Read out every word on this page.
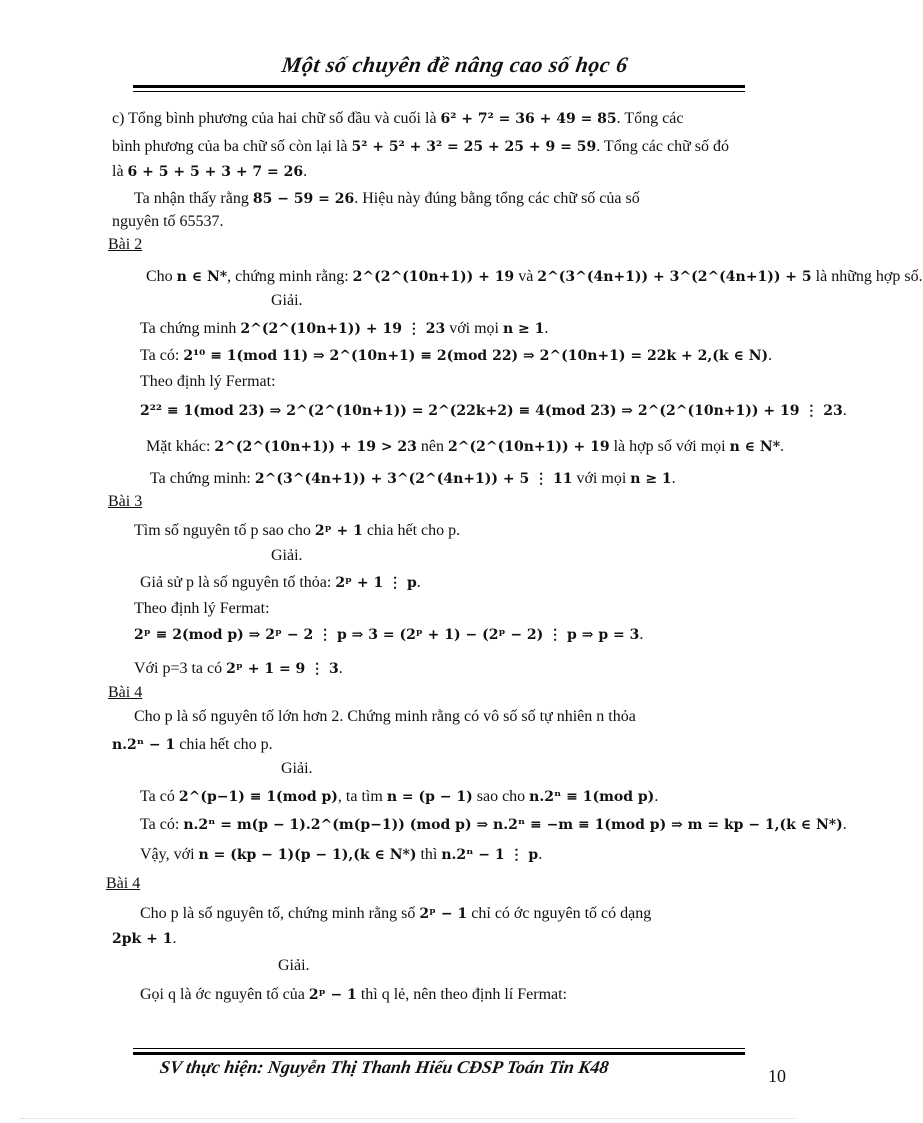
Một số chuyên đề nâng cao số học 6
c) Tổng bình phương của hai chữ số đầu và cuối là 6² + 7² = 36 + 49 = 85. Tổng các
bình phương của ba chữ số còn lại là 5² + 5² + 3² = 25 + 25 + 9 = 59. Tổng các chữ số đó
là 6 + 5 + 5 + 3 + 7 = 26.
Ta nhận thấy rằng 85 − 59 = 26. Hiệu này đúng bằng tổng các chữ số của số
nguyên tố 65537.
Bài 2
Cho n ∈ N*, chứng minh rằng: 2^(2^(10n+1)) + 19 và 2^(3^(4n+1)) + 3^(2^(4n+1)) + 5 là những hợp số.
Giải.
Ta chứng minh 2^(2^(10n+1)) + 19 ⋮ 23 với mọi n ≥ 1.
Ta có: 2¹⁰ ≡ 1(mod 11) ⇒ 2^(10n+1) ≡ 2(mod 22) ⇒ 2^(10n+1) = 22k + 2,(k ∈ N).
Theo định lý Fermat:
2²² ≡ 1(mod 23) ⇒ 2^(2^(10n+1)) = 2^(22k+2) ≡ 4(mod 23) ⇒ 2^(2^(10n+1)) + 19 ⋮ 23.
Mặt khác: 2^(2^(10n+1)) + 19 > 23 nên 2^(2^(10n+1)) + 19 là hợp số với mọi n ∈ N*.
Ta chứng minh: 2^(3^(4n+1)) + 3^(2^(4n+1)) + 5 ⋮ 11 với mọi n ≥ 1.
Bài 3
Tìm số nguyên tố p sao cho 2ᵖ + 1 chia hết cho p.
Giải.
Giả sử p là số nguyên tố thỏa: 2ᵖ + 1 ⋮ p.
Theo định lý Fermat:
2ᵖ ≡ 2(mod p) ⇒ 2ᵖ − 2 ⋮ p ⇒ 3 = (2ᵖ + 1) − (2ᵖ − 2) ⋮ p ⇒ p = 3.
Với p=3 ta có 2ᵖ + 1 = 9 ⋮ 3.
Bài 4
Cho p là số nguyên tố lớn hơn 2. Chứng minh rằng có vô số số tự nhiên n thỏa
n.2ⁿ − 1 chia hết cho p.
Giải.
Ta có 2^(p−1) ≡ 1(mod p), ta tìm n = (p − 1) sao cho n.2ⁿ ≡ 1(mod p).
Ta có: n.2ⁿ = m(p − 1).2^(m(p−1)) (mod p) ⇒ n.2ⁿ ≡ −m ≡ 1(mod p) ⇒ m = kp − 1,(k ∈ N*).
Vậy, với n = (kp − 1)(p − 1),(k ∈ N*) thì n.2ⁿ − 1 ⋮ p.
Bài 4
Cho p là số nguyên tố, chứng minh rằng số 2ᵖ − 1 chỉ có ớc nguyên tố có dạng
2pk + 1.
Giải.
Gọi q là ớc nguyên tố của 2ᵖ − 1 thì q lẻ, nên theo định lí Fermat:
SV thực hiện: Nguyễn Thị Thanh Hiếu CĐSP Toán Tin K48	10
